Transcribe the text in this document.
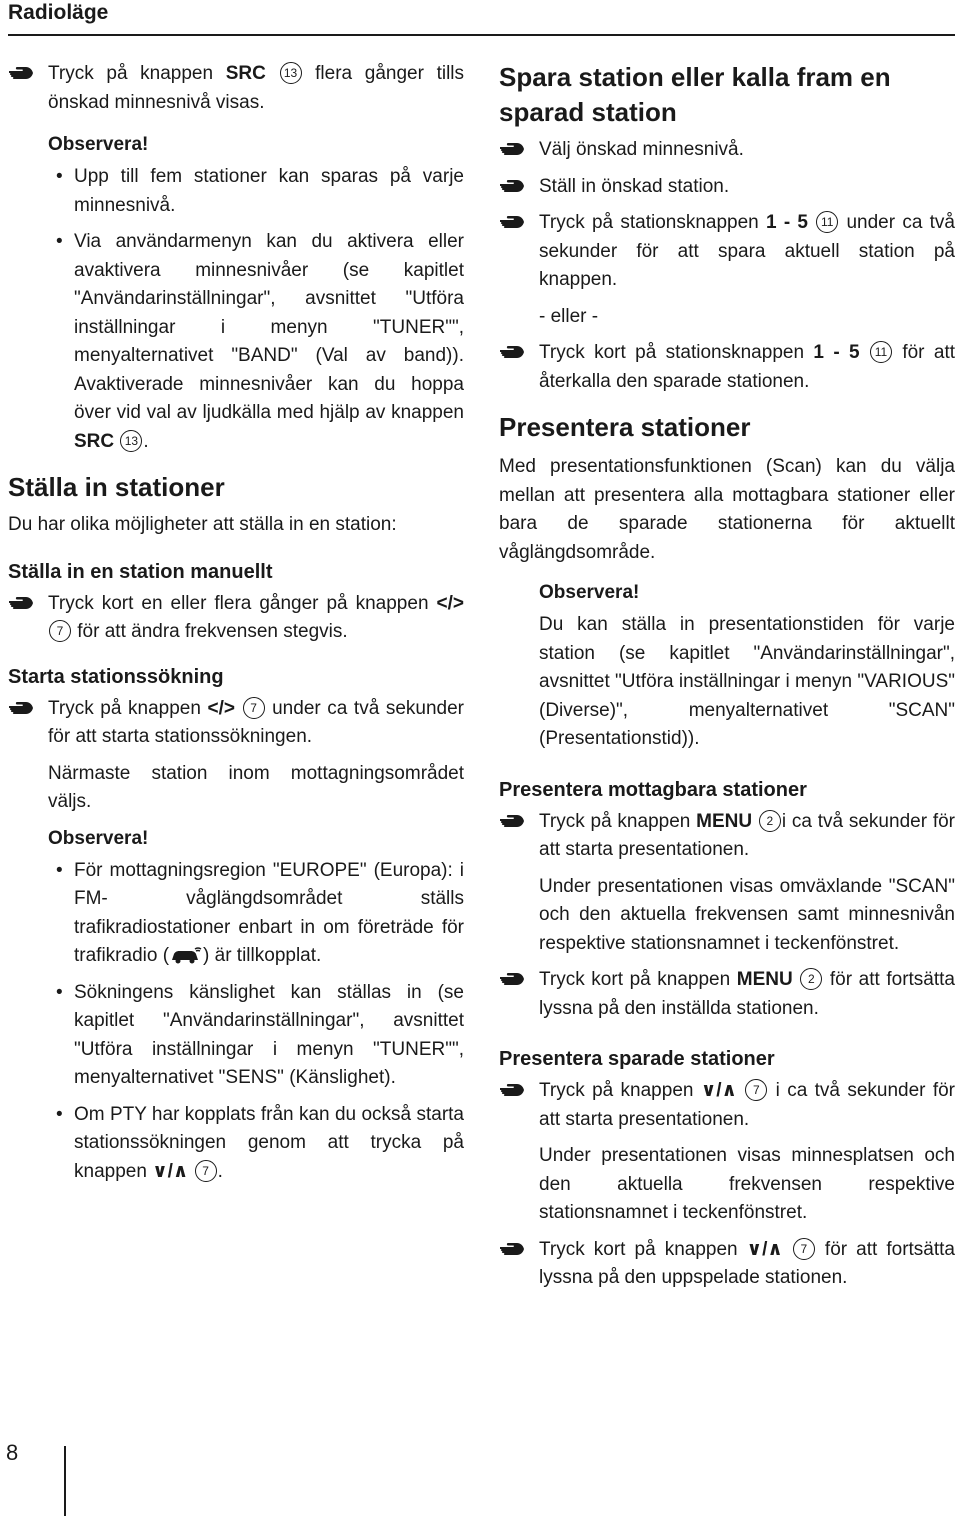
Radioläge

Tryck på knappen SRC 13 flera gånger tills önskad minnesnivå visas.

Observera!

• Upp till fem stationer kan sparas på varje minnesnivå.

• Via användarmenyn kan du aktivera eller avaktivera minnesnivåer (se kapitlet "Användarinställningar", avsnittet "Utföra inställningar i menyn "TUNER"", menyalternativet "BAND" (Val av band)). Avaktiverade minnesnivåer kan du hoppa över vid val av ljudkälla med hjälp av knappen SRC 13 .

Ställa in stationer

Du har olika möjligheter att ställa in en station:

Ställa in en station manuellt

Tryck kort en eller flera gånger på knappen </> 7 för att ändra frekvensen stegvis.

Starta stationssökning

Tryck på knappen </> 7 under ca två sekunder för att starta stationssökningen.

Närmaste station inom mottagningsområdet väljs.

Observera!

• För mottagningsregion "EUROPE" (Europa): i FM- våglängdsområdet ställs trafikradiostationer enbart in om företräde för trafikradio ( ) är tillkopplat.

• Sökningens känslighet kan ställas in (se kapitlet "Användarinställningar", avsnittet "Utföra inställningar i menyn "TUNER"", menyalternativet "SENS" (Känslighet).

• Om PTY har kopplats från kan du också starta stationssökningen genom att trycka på knappen ∨/∧ 7 .

Spara station eller kalla fram en sparad station

Välj önskad minnesnivå.

Ställ in önskad station.

Tryck på stationsknappen 1 - 5 11 under ca två sekunder för att spara aktuell station på knappen.

- eller -

Tryck kort på stationsknappen 1 - 5 11 för att återkalla den sparade stationen.

Presentera stationer

Med presentationsfunktionen (Scan) kan du välja mellan att presentera alla mottagbara stationer eller bara de sparade stationerna för aktuellt våglängdsområde.

Observera!

Du kan ställa in presentationstiden för varje station (se kapitlet "Användarinställningar", avsnittet "Utföra inställningar i menyn "VARIOUS" (Diverse)", menyalternativet "SCAN" (Presentationstid)).

Presentera mottagbara stationer

Tryck på knappen MENU 2 i ca två sekunder för att starta presentationen.

Under presentationen visas omväxlande "SCAN" och den aktuella frekvensen samt minnesnivån respektive stationsnamnet i teckenfönstret.

Tryck kort på knappen MENU 2 för att fortsätta lyssna på den inställda stationen.

Presentera sparade stationer

Tryck på knappen ∨/∧ 7 i ca två sekunder för att starta presentationen.

Under presentationen visas minnesplatsen och den aktuella frekvensen respektive stationsnamnet i teckenfönstret.

Tryck kort på knappen ∨/∧ 7 för att fortsätta lyssna på den uppspelade stationen.

8
